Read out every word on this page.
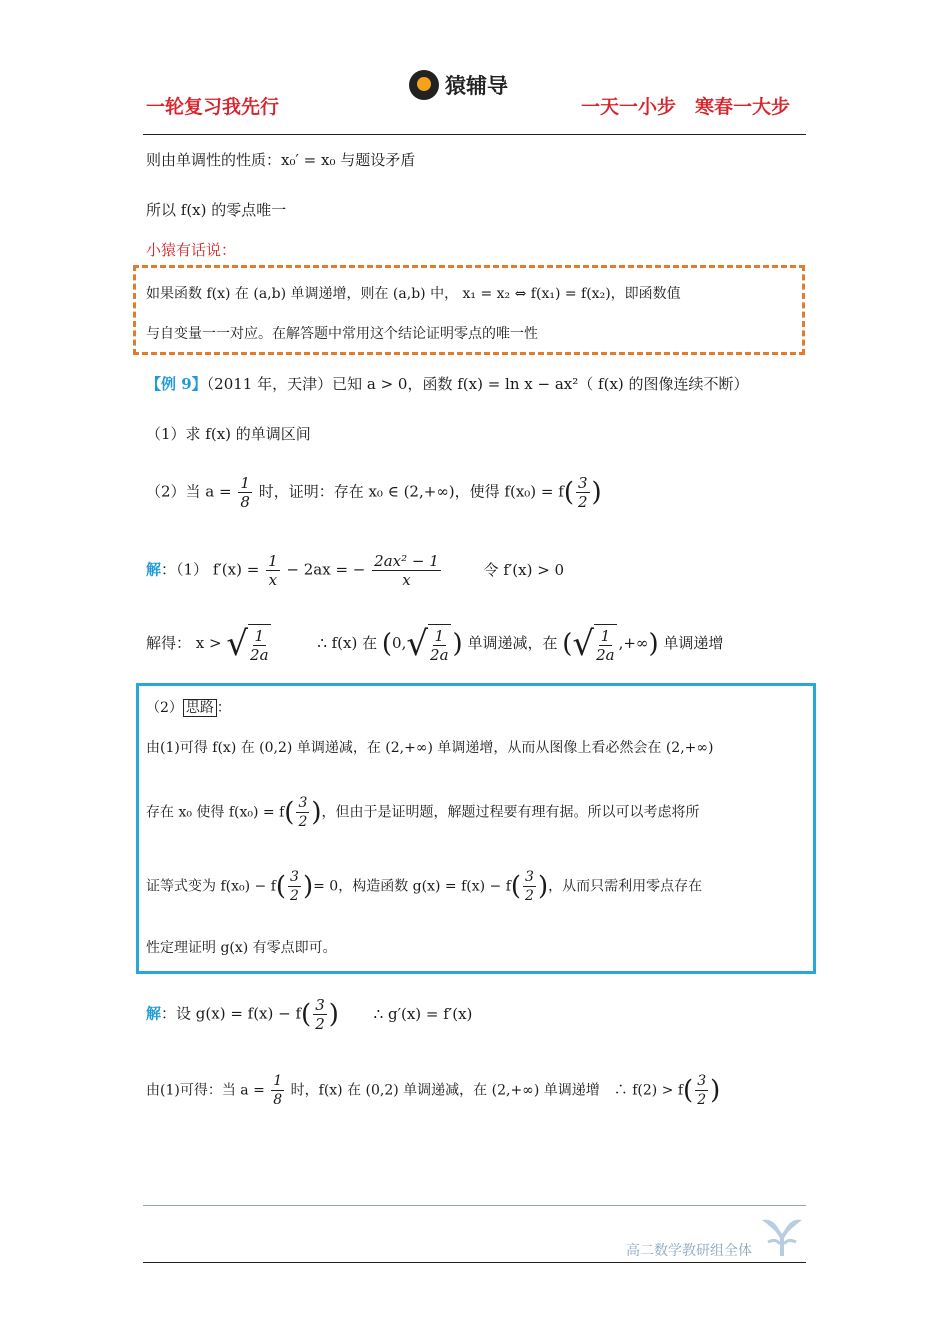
一轮复习我先行
猿辅导
一天一小步　寒春一大步
则由单调性的性质：x₀′ = x₀ 与题设矛盾
所以 f(x) 的零点唯一
小猿有话说：
如果函数 f(x) 在 (a,b) 单调递增，则在 (a,b) 中， x₁ = x₂ ⇔ f(x₁) = f(x₂)，即函数值
与自变量一一对应。在解答题中常用这个结论证明零点的唯一性
【例 9】（2011 年，天津）已知 a > 0，函数 f(x) = ln x − ax²（ f(x) 的图像连续不断）
（1）求 f(x) 的单调区间
（2）当 $a = \frac{1}{8}$ 时，证明：存在 x₀ ∈ (2,+∞)，使得 $f(x_0) = f( \frac{3}{2}$ )
解：（1） $f'(x) = \frac{1}{x} - 2ax$ = − $\frac{\text{2ax² − 1}}{x}$	令 f′(x) > 0
解得： x > √ $\frac{1}{2a}$	∴ f(x) 在 (0, √ $\frac{1}{2a}$ ) 单调递减，在 ( √ $\frac{1}{2a}$ ,+∞) 单调递增
（2） 思路 ：
由(1)可得 f(x) 在 (0,2) 单调递减，在 (2,+∞) 单调递增，从而从图像上看必然会在 (2,+∞)
存在 x₀ 使得 $f(x_0) = f( \frac{3}{2}$ )，但由于是证明题，解题过程要有理有据。所以可以考虑将所
证等式变为 $f(x_0) - f( \frac{3}{2}$ )= 0，构造函数 $g(x) = f(x) - f( \frac{3}{2}$ )，从而只需利用零点存在
性定理证明 g(x) 有零点即可。
解：设 $g(x) = f(x) - f( \frac{3}{2}$ ) ∴ g′(x) = f′(x)
由(1)可得：当 $a = \frac{1}{8}$ 时，f(x) 在 (0,2) 单调递减，在 (2,+∞) 单调递增　∴ $f(2) > f( \frac{3}{2}$ )
高二数学教研组全体
